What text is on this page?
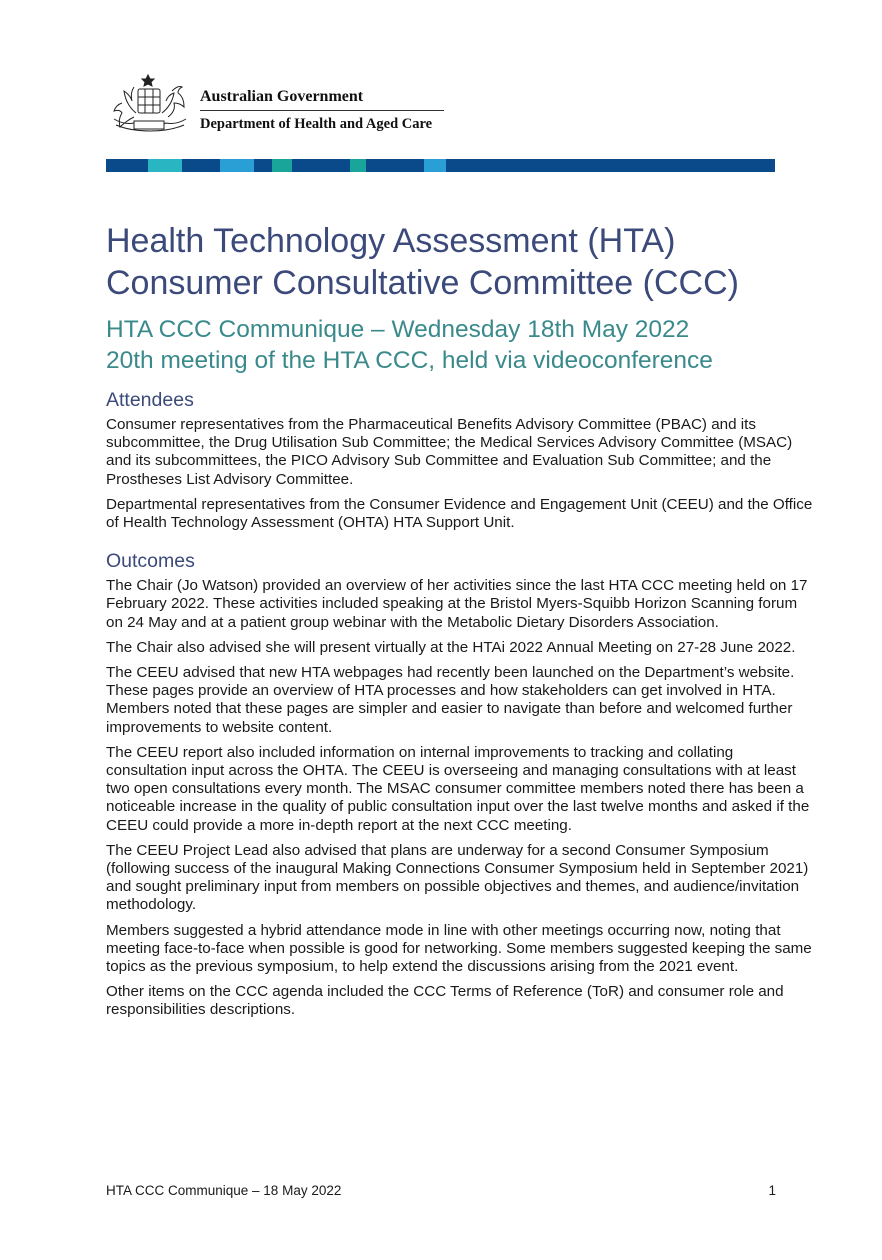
Australian Government
Department of Health and Aged Care
Health Technology Assessment (HTA)
Consumer Consultative Committee (CCC)
HTA CCC Communique – Wednesday 18th May 2022
20th meeting of the HTA CCC, held via videoconference
Attendees

Consumer representatives from the Pharmaceutical Benefits Advisory Committee (PBAC) and its subcommittee, the Drug Utilisation Sub Committee; the Medical Services Advisory Committee (MSAC) and its subcommittees, the PICO Advisory Sub Committee and Evaluation Sub Committee; and the Prostheses List Advisory Committee.

Departmental representatives from the Consumer Evidence and Engagement Unit (CEEU) and the Office of Health Technology Assessment (OHTA) HTA Support Unit.

Outcomes

The Chair (Jo Watson) provided an overview of her activities since the last HTA CCC meeting held on 17 February 2022. These activities included speaking at the Bristol Myers-Squibb Horizon Scanning forum on 24 May and at a patient group webinar with the Metabolic Dietary Disorders Association.

The Chair also advised she will present virtually at the HTAi 2022 Annual Meeting on 27-28 June 2022.

The CEEU advised that new HTA webpages had recently been launched on the Department’s website. These pages provide an overview of HTA processes and how stakeholders can get involved in HTA. Members noted that these pages are simpler and easier to navigate than before and welcomed further improvements to website content.

The CEEU report also included information on internal improvements to tracking and collating consultation input across the OHTA. The CEEU is overseeing and managing consultations with at least two open consultations every month. The MSAC consumer committee members noted there has been a noticeable increase in the quality of public consultation input over the last twelve months and asked if the CEEU could provide a more in-depth report at the next CCC meeting.

The CEEU Project Lead also advised that plans are underway for a second Consumer Symposium (following success of the inaugural Making Connections Consumer Symposium held in September 2021) and sought preliminary input from members on possible objectives and themes, and audience/invitation methodology.

Members suggested a hybrid attendance mode in line with other meetings occurring now, noting that meeting face-to-face when possible is good for networking. Some members suggested keeping the same topics as the previous symposium, to help extend the discussions arising from the 2021 event.

Other items on the CCC agenda included the CCC Terms of Reference (ToR) and consumer role and responsibilities descriptions.

HTA CCC Communique – 18 May 2022	1
